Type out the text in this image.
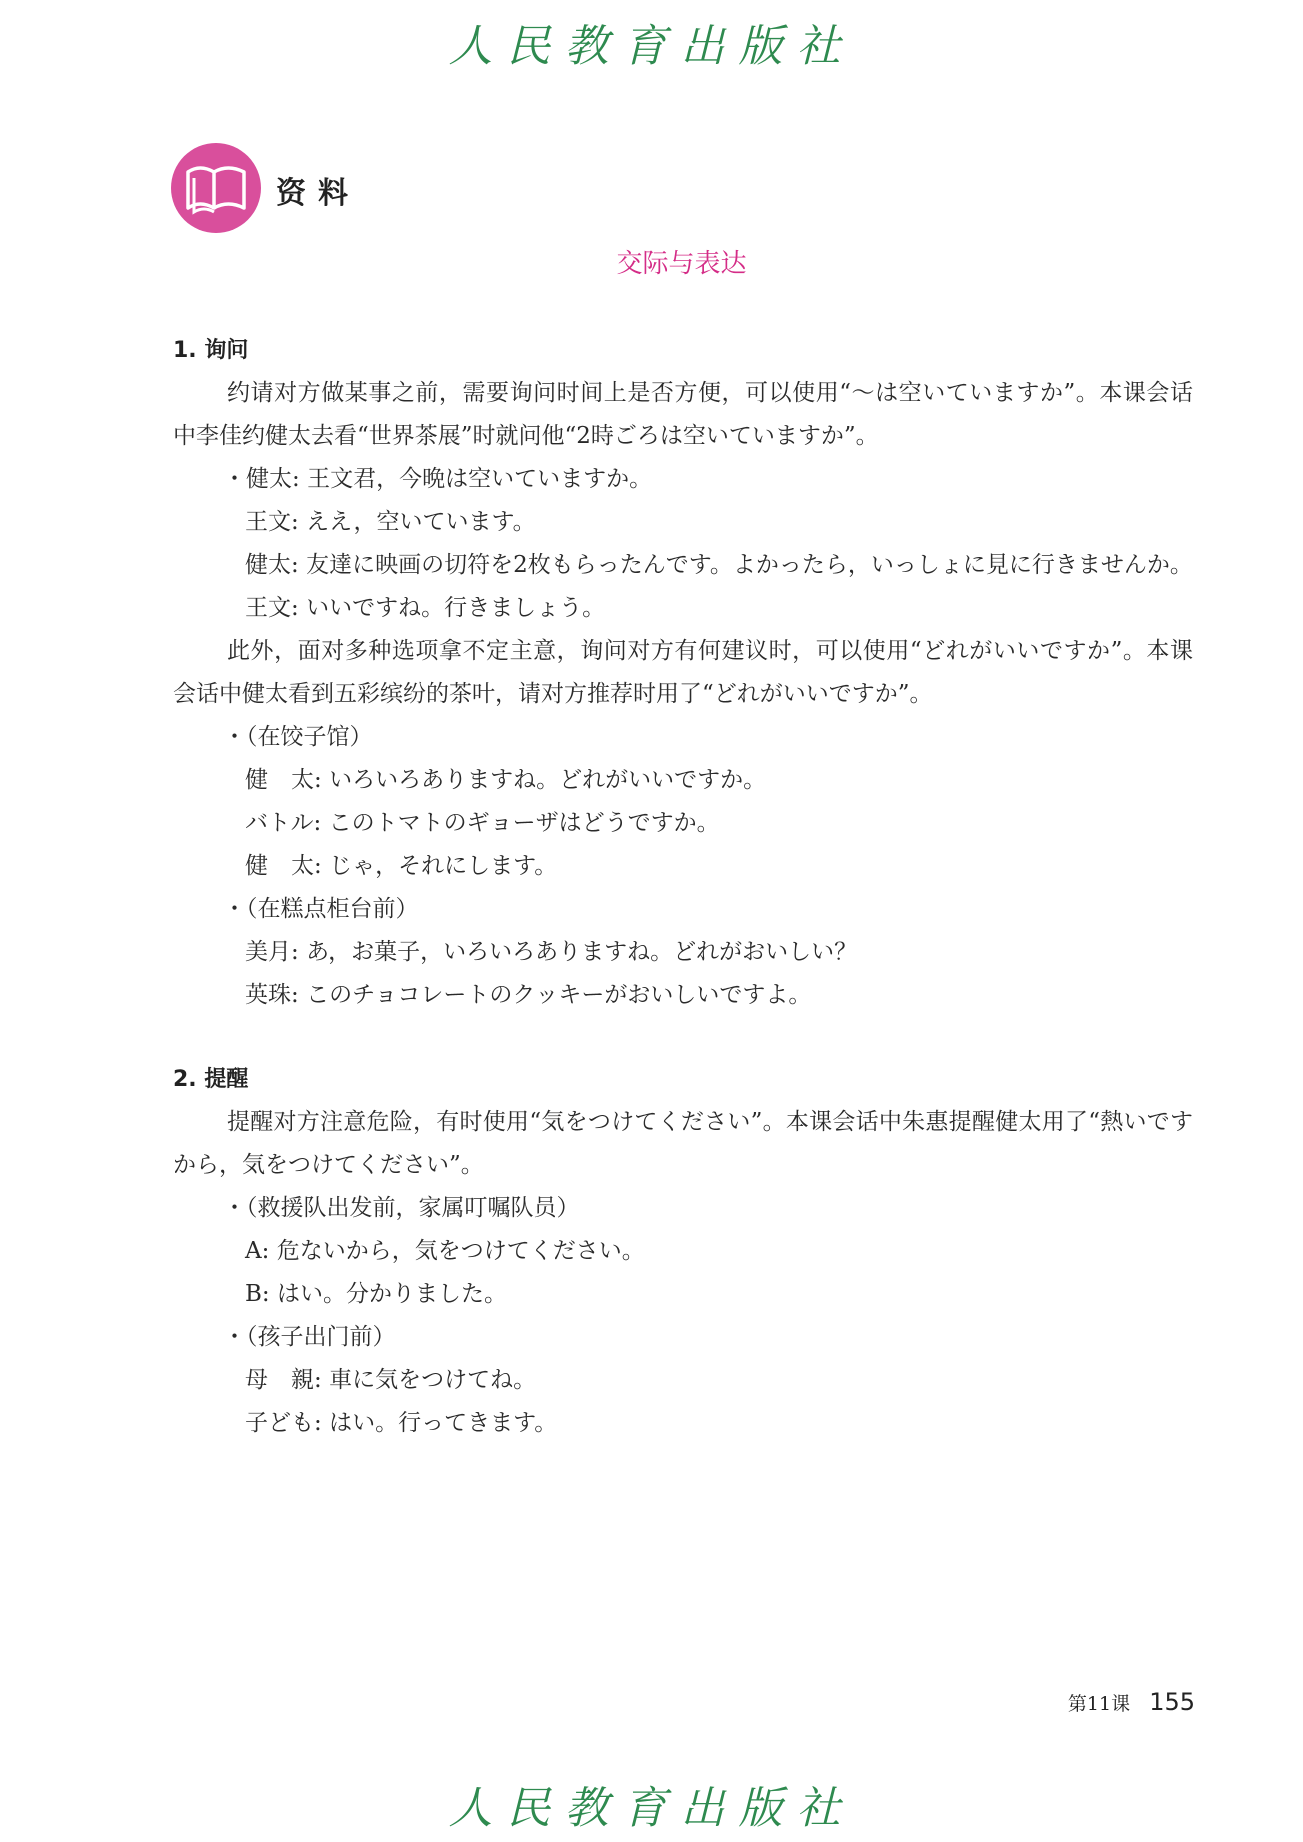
人民教育出版社
资料
交际与表达
1. 询问

约请对方做某事之前，需要询问时间上是否方便，可以使用“～は空いていますか”。本课会话中李佳约健太去看“世界茶展”时就问他“2時ごろは空いていますか”。

・健太 : 王文君，今晩は空いていますか。
王文 : ええ，空いています。
健太 : 友達に映画の切符を2枚もらったんです。よかったら，いっしょに見に行きませんか。
王文 : いいですね。行きましょう。

此外，面对多种选项拿不定主意，询问对方有何建议时，可以使用“どれがいいですか”。本课会话中健太看到五彩缤纷的茶叶，请对方推荐时用了“どれがいいですか”。

・（在饺子馆）
健　太 : いろいろありますね。どれがいいですか。
バトル : このトマトのギョーザはどうですか。
健　太 : じゃ，それにします。
・（在糕点柜台前）
美月 : あ，お菓子，いろいろありますね。どれがおいしい？
英珠 : このチョコレートのクッキーがおいしいですよ。
2. 提醒

提醒对方注意危险，有时使用“気をつけてください”。本课会话中朱惠提醒健太用了“熱いですから，気をつけてください”。

・（救援队出发前，家属叮嘱队员）
A : 危ないから，気をつけてください。
B : はい。分かりました。
・（孩子出门前）
母　親 : 車に気をつけてね。
子ども : はい。行ってきます。
第11课 155
人民教育出版社
